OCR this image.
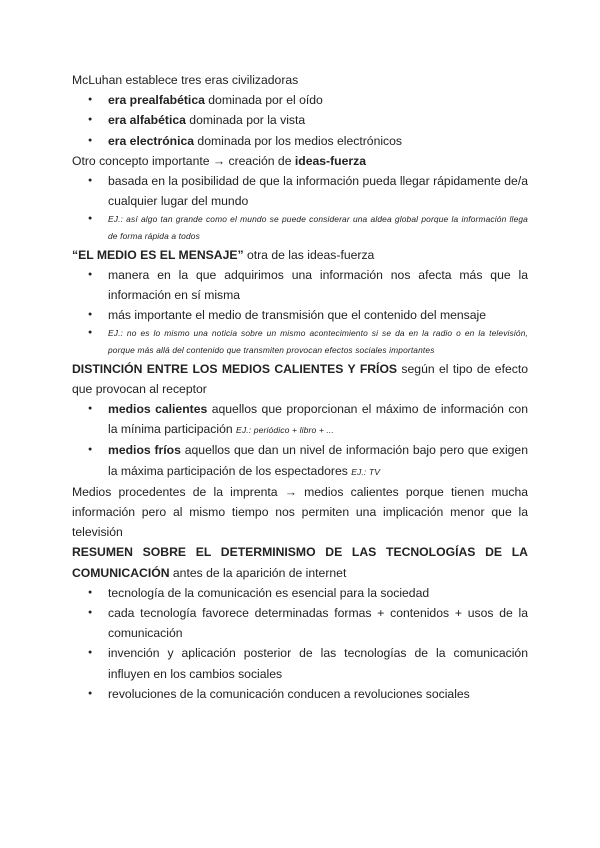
McLuhan establece tres eras civilizadoras

● era prealfabética dominada por el oído
● era alfabética dominada por la vista
● era electrónica dominada por los medios electrónicos

Otro concepto importante → creación de ideas-fuerza

● basada en la posibilidad de que la información pueda llegar rápidamente de/a cualquier lugar del mundo
● EJ.: así algo tan grande como el mundo se puede considerar una aldea global porque la información llega de forma rápida a todos

“EL MEDIO ES EL MENSAJE” otra de las ideas-fuerza

● manera en la que adquirimos una información nos afecta más que la información en sí misma
● más importante el medio de transmisión que el contenido del mensaje
● EJ.: no es lo mismo una noticia sobre un mismo acontecimiento si se da en la radio o en la televisión, porque más allá del contenido que transmiten provocan efectos sociales importantes

DISTINCIÓN ENTRE LOS MEDIOS CALIENTES Y FRÍOS según el tipo de efecto que provocan al receptor

● medios calientes aquellos que proporcionan el máximo de información con la mínima participación EJ.: periódico + libro + ...
● medios fríos aquellos que dan un nivel de información bajo pero que exigen la máxima participación de los espectadores EJ.: TV

Medios procedentes de la imprenta → medios calientes porque tienen mucha información pero al mismo tiempo nos permiten una implicación menor que la televisión

RESUMEN SOBRE EL DETERMINISMO DE LAS TECNOLOGÍAS DE LA COMUNICACIÓN antes de la aparición de internet

● tecnología de la comunicación es esencial para la sociedad
● cada tecnología favorece determinadas formas + contenidos + usos de la comunicación
● invención y aplicación posterior de las tecnologías de la comunicación influyen en los cambios sociales
● revoluciones de la comunicación conducen a revoluciones sociales
